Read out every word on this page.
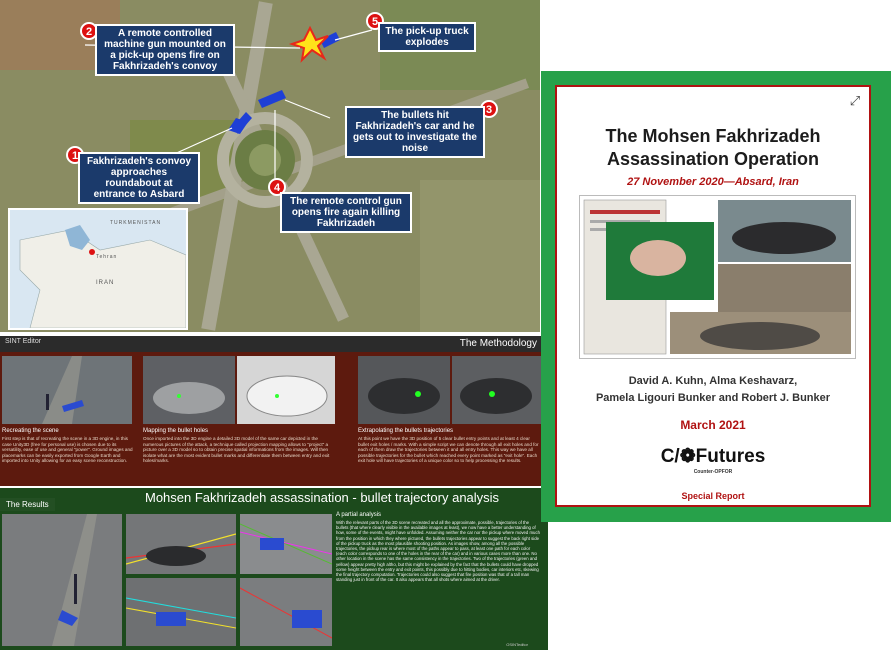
2	A remote controlled machine gun mounted on a pick-up opens fire on Fakhrizadeh's convoy
5
The pick-up truck explodes
3
The bullets hit Fakhrizadeh's car and he gets out to investigate the noise
1 Fakhrizadeh's convoy approaches roundabout at entrance to Asbard
4
The remote control gun opens fire again killing Fakhrizadeh
TURKMENISTAN
Tehran
IRAN
SINT Editor	The Methodology
Recreating the scene
First step is that of recreating the scene in a 3D engine, in this case Unity3D (free for personal use) is chosen due to its versatility, ease of use and general "power". Ground images and placemarks can be easily exported from Google Earth and imported into Unity allowing for an easy scene reconstruction.
Mapping the bullet holes
Once imported into the 3D engine a detailed 3D model of the same car depicted in the numerous pictures of the attack, a technique called projection mapping allows to "project" a picture over a 3D model so to obtain precise spatial informations from the images. Will then isolate what are the most evident bullet marks and differentiate them between entry and exit holes/marks.
Extrapolating the bullets trajectories
At this point we have the 3D position of 5 clear bullet entry points and at least 4 clear bullet exit holes / marks. With a simple script we can denote through all exit holes and for each of them draw the trajectories between it and all entry holes. This way we have all possible trajectories for the bullet which reached every point marked as "exit hole". Each exit hole will have trajectories of a unique color so to help processing the results.
The Results	Mohsen Fakhrizadeh assassination - bullet trajectory analysis
A partial analysis
With the relevant parts of the 3D scene recreated and all the approximate, possible, trajectories of the bullets (that where clearly visible in the available images at least), we now have a better understanding of how, some of the events, might have unfolded. Assuming neither the car nor the pickup where moved much from the position in which they where pictured, the bullets trajectories appear to suggest the back right side of the pickup truck as the most plausible shooting position. As images show, among all the possible trajectories, the pickup rear is where most of the paths appear to pass, at least one path for each color (each color corresponds to one of the holes in the rear of the car) and in various cases more than one. No other location in the scene has the same consistency in the trajectories. Two of the trajectories (green and yellow) appear pretty high altho, but this might be explained by the fact that the bullets could have dropped some height between the entry and exit points, this possibly due to hitting bodies, car interiors etc, skewing the final trajectory computation. Trajectories could also suggest that fire position was that of a tall man standing just in front of the car. It also appears that all shots where aimed at the driver.
OSINTeditor
⤢
The Mohsen Fakhrizadeh
Assassination Operation
27 November 2020—Absard, Iran
David A. Kuhn, Alma Keshavarz,
Pamela Ligouri Bunker and Robert J. Bunker
March 2021
C/❁Futures
Counter-OPFOR
Special Report
